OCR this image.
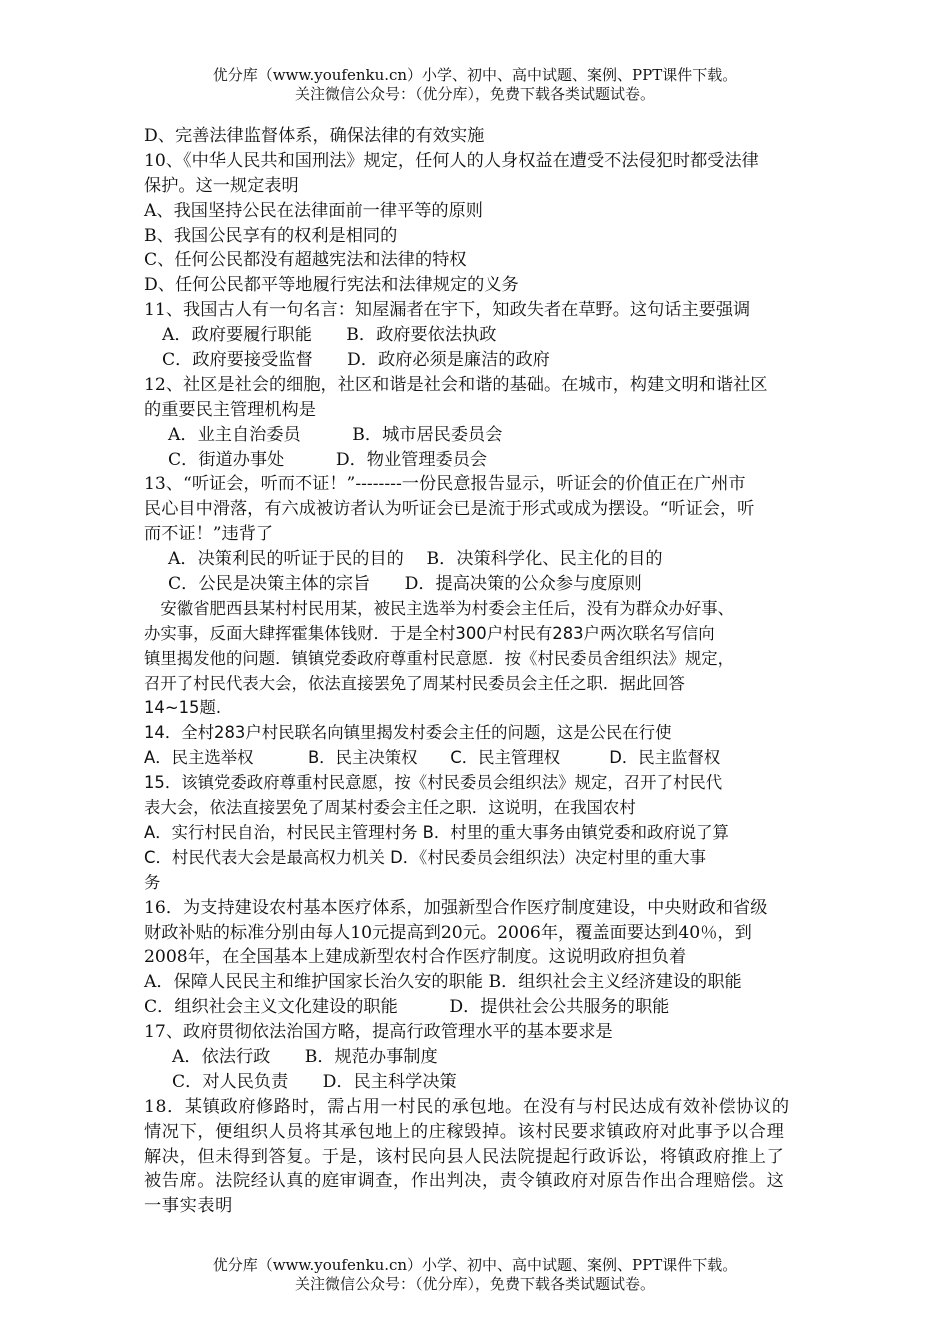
优分库（www.youfenku.cn）小学、初中、高中试题、案例、PPT课件下载。
关注微信公众号：（优分库），免费下载各类试题试卷。
D、完善法律监督体系，确保法律的有效实施
10、《中华人民共和国刑法》规定，任何人的人身权益在遭受不法侵犯时都受法律
保护。这一规定表明
A、我国坚持公民在法律面前一律平等的原则
B、我国公民享有的权利是相同的
C、任何公民都没有超越宪法和法律的特权
D、任何公民都平等地履行宪法和法律规定的义务
11、我国古人有一句名言：知屋漏者在宇下，知政失者在草野。这句话主要强调
A．政府要履行职能　　B．政府要依法执政
C．政府要接受监督　　D．政府必须是廉洁的政府
12、社区是社会的细胞，社区和谐是社会和谐的基础。在城市，构建文明和谐社区
的重要民主管理机构是
A．业主自治委员　　　B．城市居民委员会
C．街道办事处　　　D．物业管理委员会
13、“听证会，听而不证！”--------一份民意报告显示，听证会的价值正在广州市
民心目中滑落，有六成被访者认为听证会已是流于形式或成为摆设。“听证会，听
而不证！”违背了
A．决策利民的听证于民的目的　 B．决策科学化、民主化的目的
C．公民是决策主体的宗旨　　D．提高决策的公众参与度原则
　安徽省肥西县某村村民用某，被民主选举为村委会主任后，没有为群众办好事、
办实事，反面大肆挥霍集体钱财．于是全村300户村民有283户两次联名写信向
镇里揭发他的问题．镇镇党委政府尊重村民意愿．按《村民委员舍组织法》规定，
召开了村民代表大会，依法直接罢免了周某村民委员会主任之职．据此回答
14~15题.
14．全村283户村民联名向镇里揭发村委会主任的问题，这是公民在行使
A．民主选举权　　　 B．民主决策权　　C．民主管理权　　　D．民主监督权
15．该镇党委政府尊重村民意愿，按《村民委员会组织法》规定，召开了村民代
表大会，依法直接罢免了周某村委会主任之职．这说明，在我国农村
A．实行村民自治，村民民主管理村务 B．村里的重大事务由镇党委和政府说了算
C．村民代表大会是最高权力机关 D．《村民委员会组织法）决定村里的重大事
务
16．为支持建设农村基本医疗体系，加强新型合作医疗制度建设，中央财政和省级
财政补贴的标准分别由每人10元提高到20元。2006年，覆盖面要达到40％，到
2008年，在全国基本上建成新型农村合作医疗制度。这说明政府担负着
A．保障人民民主和维护国家长治久安的职能 B．组织社会主义经济建设的职能
C．组织社会主义文化建设的职能　　　D．提供社会公共服务的职能
17、政府贯彻依法治国方略，提高行政管理水平的基本要求是
A．依法行政　　B．规范办事制度
C．对人民负责　　D．民主科学决策
18．某镇政府修路时，需占用一村民的承包地。在没有与村民达成有效补偿协议的
情况下，便组织人员将其承包地上的庄稼毁掉。该村民要求镇政府对此事予以合理
解决，但未得到答复。于是，该村民向县人民法院提起行政诉讼，将镇政府推上了
被告席。法院经认真的庭审调查，作出判决，责令镇政府对原告作出合理赔偿。这
一事实表明
优分库（www.youfenku.cn）小学、初中、高中试题、案例、PPT课件下载。
关注微信公众号：（优分库），免费下载各类试题试卷。
